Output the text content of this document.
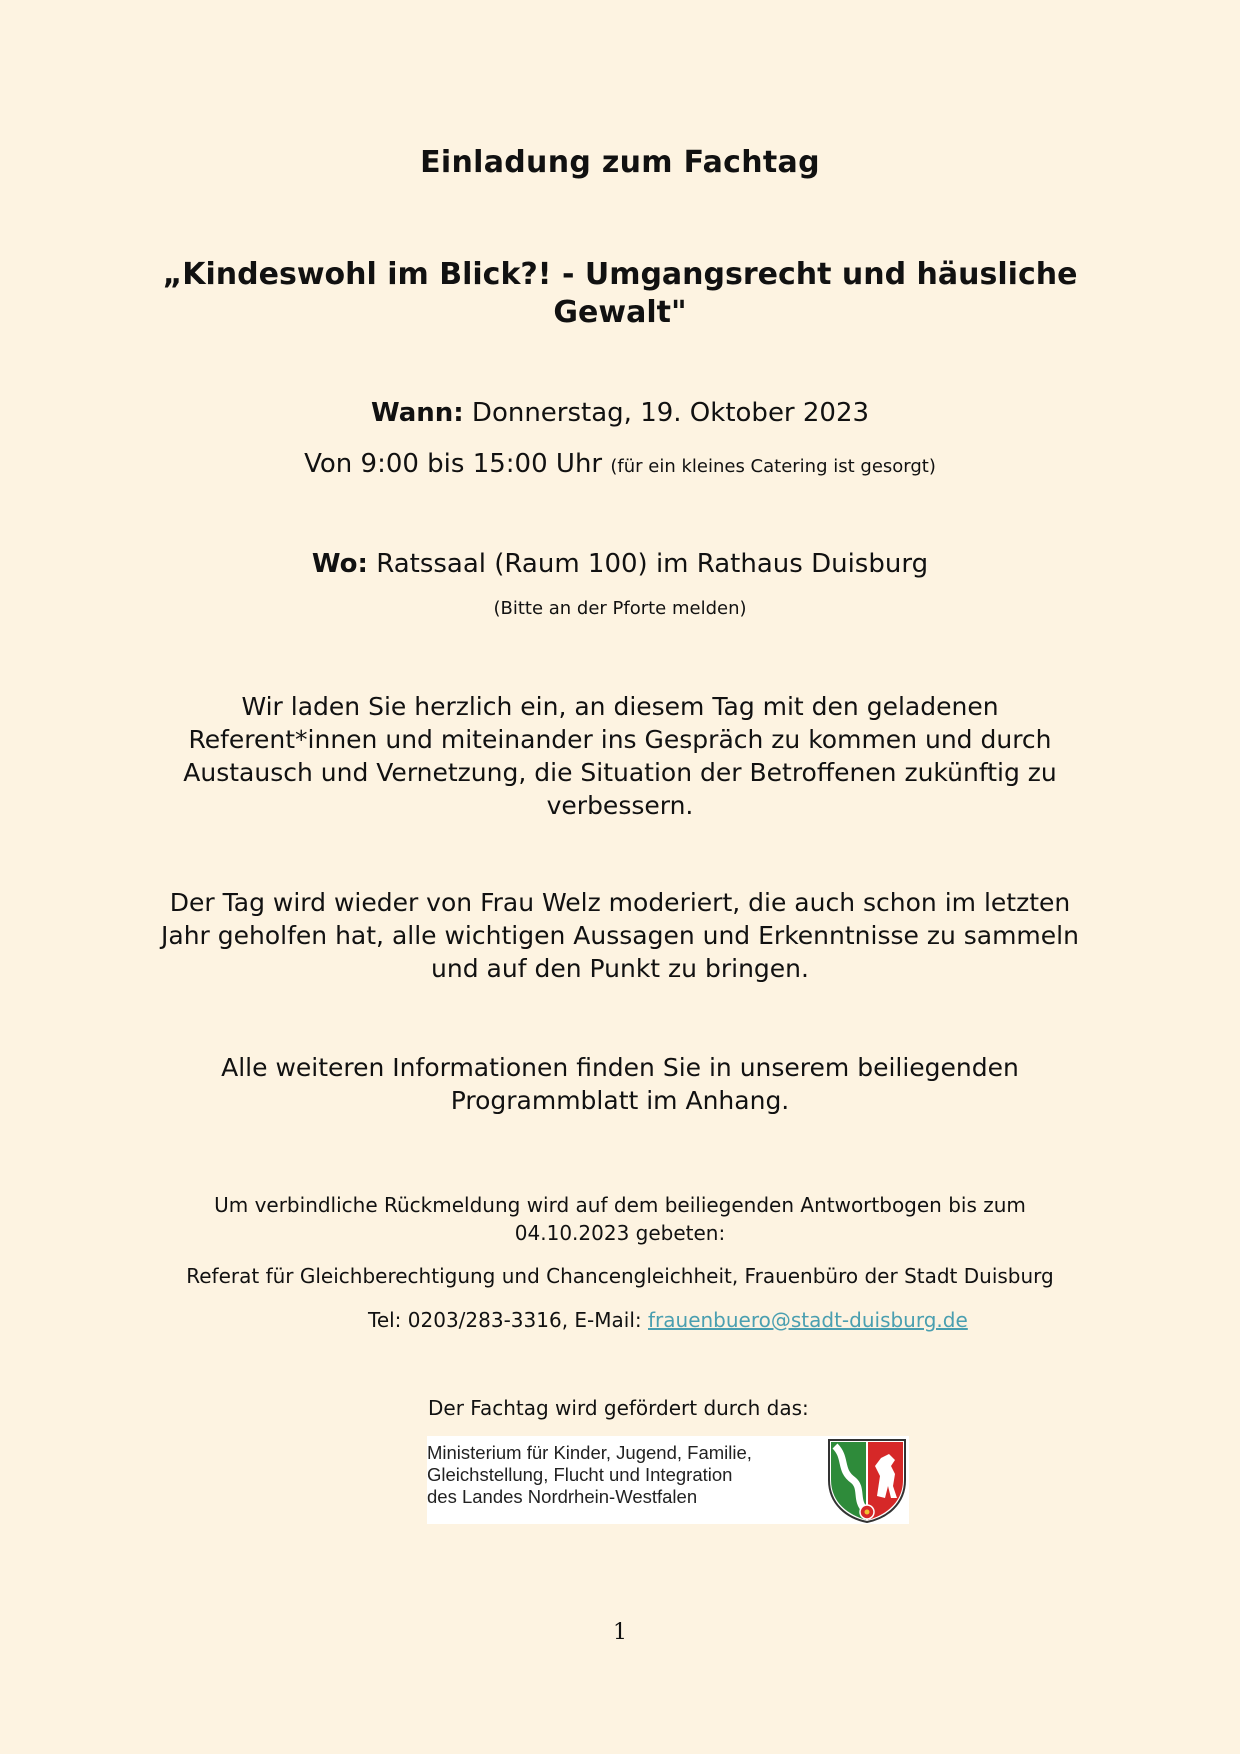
Einladung zum Fachtag
„Kindeswohl im Blick?! - Umgangsrecht und häusliche
Gewalt"
Wann: Donnerstag, 19. Oktober 2023
Von 9:00 bis 15:00 Uhr (für ein kleines Catering ist gesorgt)
Wo: Ratssaal (Raum 100) im Rathaus Duisburg
(Bitte an der Pforte melden)
Wir laden Sie herzlich ein, an diesem Tag mit den geladenen
Referent*innen und miteinander ins Gespräch zu kommen und durch
Austausch und Vernetzung, die Situation der Betroffenen zukünftig zu
verbessern.
Der Tag wird wieder von Frau Welz moderiert, die auch schon im letzten
Jahr geholfen hat, alle wichtigen Aussagen und Erkenntnisse zu sammeln
und auf den Punkt zu bringen.
Alle weiteren Informationen finden Sie in unserem beiliegenden
Programmblatt im Anhang.
Um verbindliche Rückmeldung wird auf dem beiliegenden Antwortbogen bis zum
04.10.2023 gebeten:
Referat für Gleichberechtigung und Chancengleichheit, Frauenbüro der Stadt Duisburg
Tel: 0203/283-3316, E-Mail: frauenbuero@stadt-duisburg.de
Der Fachtag wird gefördert durch das:
Ministerium für Kinder, Jugend, Familie,
Gleichstellung, Flucht und Integration
des Landes Nordrhein-Westfalen
1
